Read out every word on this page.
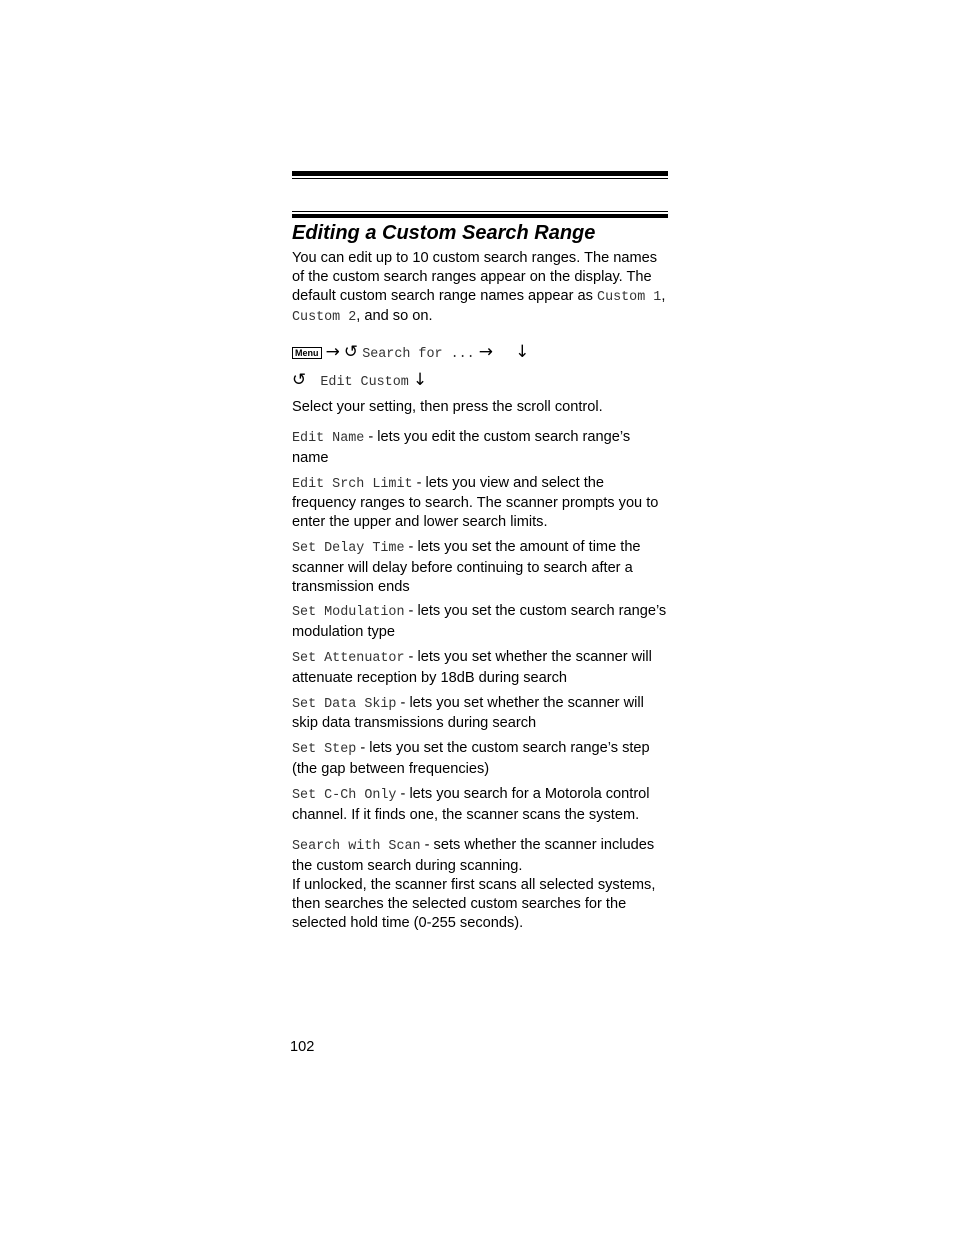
Editing a Custom Search Range

You can edit up to 10 custom search ranges. The names of the custom search ranges appear on the display. The default custom search range names appear as Custom 1, Custom 2, and so on.

Menu → ↺ Search for ... → ↓
↺ Edit Custom ↓

Select your setting, then press the scroll control.

Edit Name - lets you edit the custom search range’s name

Edit Srch Limit - lets you view and select the frequency ranges to search. The scanner prompts you to enter the upper and lower search limits.

Set Delay Time - lets you set the amount of time the scanner will delay before continuing to search after a transmission ends

Set Modulation - lets you set the custom search range’s modulation type

Set Attenuator - lets you set whether the scanner will attenuate reception by 18dB during search

Set Data Skip - lets you set whether the scanner will skip data transmissions during search

Set Step - lets you set the custom search range’s step (the gap between frequencies)

Set C-Ch Only - lets you search for a Motorola control channel. If it finds one, the scanner scans the system.

Search with Scan - sets whether the scanner includes the custom search during scanning.

If unlocked, the scanner first scans all selected systems, then searches the selected custom searches for the selected hold time (0-255 seconds).

102
